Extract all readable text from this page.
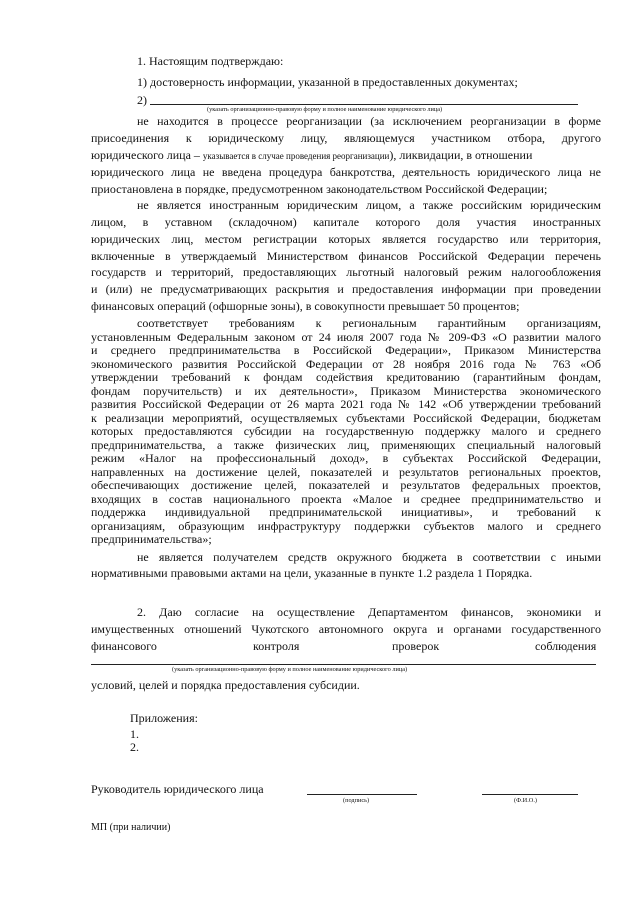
1. Настоящим подтверждаю:
1) достоверность информации, указанной в предоставленных документах;
2)
(указать организационно-правовую форму и полное наименование юридического лица)
не находится в процессе реорганизации (за исключением реорганизации в форме
присоединения к юридическому лицу, являющемуся участником отбора, другого
юридического лица – указывается в случае проведения реорганизации), ликвидации, в отношении
юридического лица не введена процедура банкротства, деятельность юридического лица не
приостановлена в порядке, предусмотренном законодательством Российской Федерации;
не является иностранным юридическим лицом, а также российским юридическим
лицом, в уставном (складочном) капитале которого доля участия иностранных
юридических лиц, местом регистрации которых является государство или территория,
включенные в утверждаемый Министерством финансов Российской Федерации перечень
государств и территорий, предоставляющих льготный налоговый режим налогообложения
и (или) не предусматривающих раскрытия и предоставления информации при проведении
финансовых операций (офшорные зоны), в совокупности превышает 50 процентов;
соответствует требованиям к региональным гарантийным организациям,
установленным Федеральным законом от 24 июля 2007 года № 209-ФЗ «О развитии малого
и среднего предпринимательства в Российской Федерации», Приказом Министерства
экономического развития Российской Федерации от 28 ноября 2016 года № 763 «Об
утверждении требований к фондам содействия кредитованию (гарантийным фондам,
фондам поручительств) и их деятельности», Приказом Министерства экономического
развития Российской Федерации от 26 марта 2021 года № 142 «Об утверждении требований
к реализации мероприятий, осуществляемых субъектами Российской Федерации, бюджетам
которых предоставляются субсидии на государственную поддержку малого и среднего
предпринимательства, а также физических лиц, применяющих специальный налоговый
режим «Налог на профессиональный доход», в субъектах Российской Федерации,
направленных на достижение целей, показателей и результатов региональных проектов,
обеспечивающих достижение целей, показателей и результатов федеральных проектов,
входящих в состав национального проекта «Малое и среднее предпринимательство и
поддержка индивидуальной предпринимательской инициативы», и требований к
организациям, образующим инфраструктуру поддержки субъектов малого и среднего
предпринимательства»;
не является получателем средств окружного бюджета в соответствии с иными
нормативными правовыми актами на цели, указанные в пункте 1.2 раздела 1 Порядка.
2. Даю согласие на осуществление Департаментом финансов, экономики и
имущественных отношений Чукотского автономного округа и органами государственного
финансового	контроля	проверок	соблюдения
(указать организационно-правовую форму и полное наименование юридического лица)
условий, целей и порядка предоставления субсидии.
Приложения:
1.
2.
Руководитель юридического лица
(подпись)	(Ф.И.О.)
МП (при наличии)
